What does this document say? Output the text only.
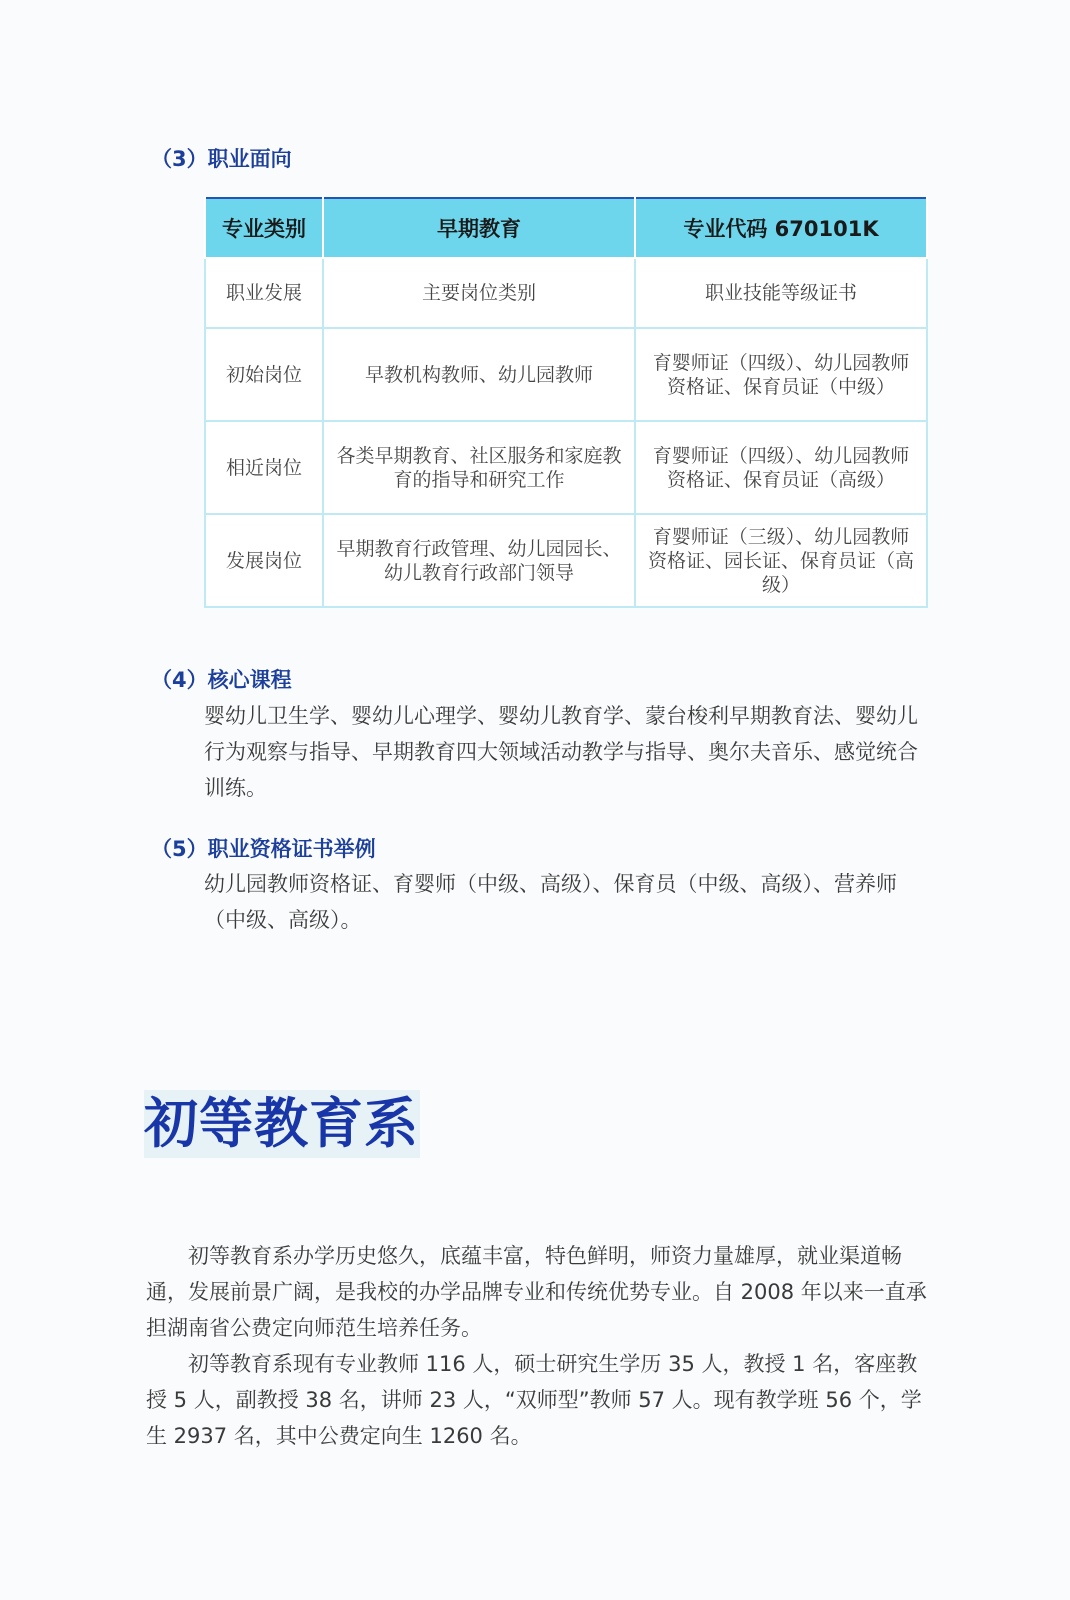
（3）职业面向
专业类别	早期教育	专业代码 670101K
职业发展	主要岗位类别	职业技能等级证书
初始岗位	早教机构教师、幼儿园教师	育婴师证（四级）、幼儿园教师资格证、保育员证（中级）
相近岗位	各类早期教育、社区服务和家庭教育的指导和研究工作	育婴师证（四级）、幼儿园教师资格证、保育员证（高级）
发展岗位	早期教育行政管理、幼儿园园长、幼儿教育行政部门领导	育婴师证（三级）、幼儿园教师资格证、园长证、保育员证（高级）
（4）核心课程

婴幼儿卫生学、婴幼儿心理学、婴幼儿教育学、蒙台梭利早期教育法、婴幼儿行为观察与指导、早期教育四大领域活动教学与指导、奥尔夫音乐、感觉统合训练。

（5）职业资格证书举例

幼儿园教师资格证、育婴师（中级、高级）、保育员（中级、高级）、营养师（中级、高级）。

初等教育系

初等教育系办学历史悠久，底蕴丰富，特色鲜明，师资力量雄厚，就业渠道畅通，发展前景广阔，是我校的办学品牌专业和传统优势专业。自 2008 年以来一直承担湖南省公费定向师范生培养任务。

初等教育系现有专业教师 116 人，硕士研究生学历 35 人，教授 1 名，客座教授 5 人，副教授 38 名，讲师 23 人，“双师型”教师 57 人。现有教学班 56 个，学生 2937 名，其中公费定向生 1260 名。
